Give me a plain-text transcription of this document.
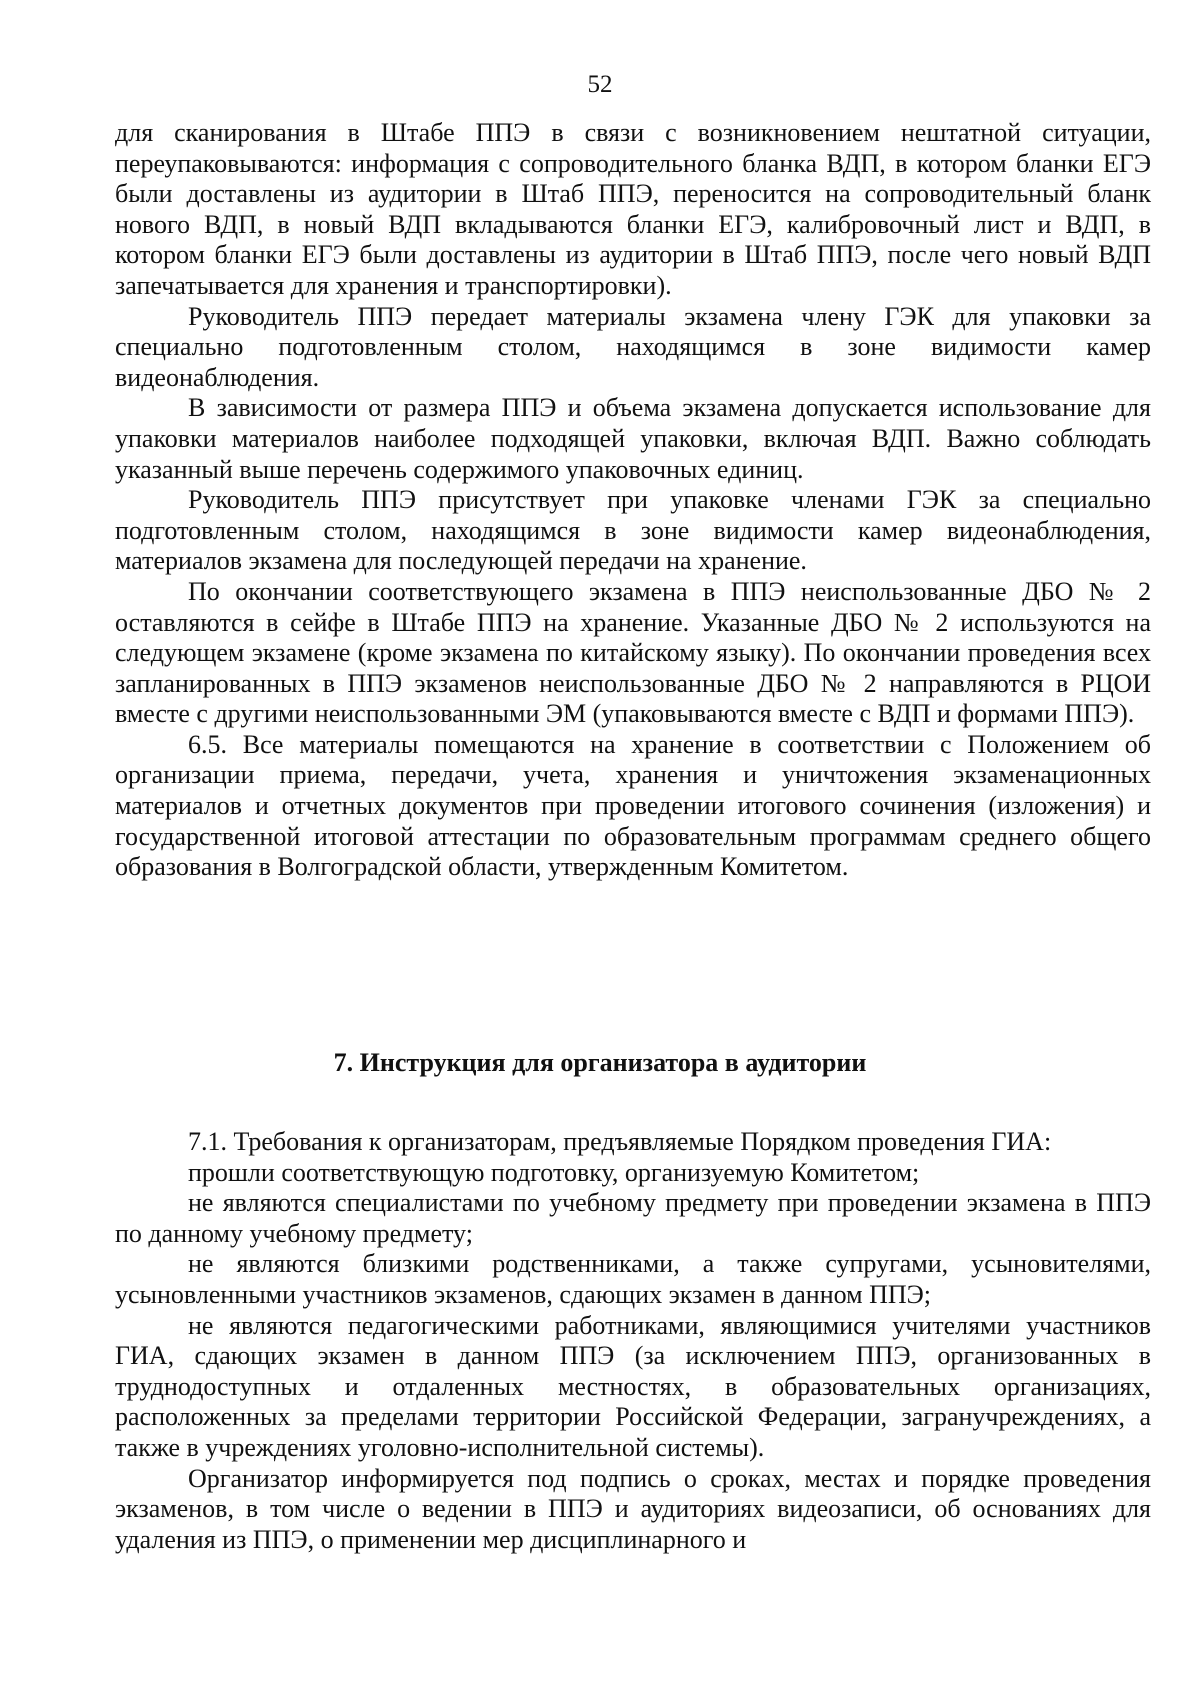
52

для сканирования в Штабе ППЭ в связи с возникновением нештатной ситуации, переупаковываются: информация с сопроводительного бланка ВДП, в котором бланки ЕГЭ были доставлены из аудитории в Штаб ППЭ, переносится на сопроводительный бланк нового ВДП, в новый ВДП вкладываются бланки ЕГЭ, калибровочный лист и ВДП, в котором бланки ЕГЭ были доставлены из аудитории в Штаб ППЭ, после чего новый ВДП запечатывается для хранения и транспортировки).

Руководитель ППЭ передает материалы экзамена члену ГЭК для упаковки за специально подготовленным столом, находящимся в зоне видимости камер видеонаблюдения.

В зависимости от размера ППЭ и объема экзамена допускается использование для упаковки материалов наиболее подходящей упаковки, включая ВДП. Важно соблюдать указанный выше перечень содержимого упаковочных единиц.

Руководитель ППЭ присутствует при упаковке членами ГЭК за специально подготовленным столом, находящимся в зоне видимости камер видеонаблюдения, материалов экзамена для последующей передачи на хранение.

По окончании соответствующего экзамена в ППЭ неиспользованные ДБО № 2 оставляются в сейфе в Штабе ППЭ на хранение. Указанные ДБО № 2 используются на следующем экзамене (кроме экзамена по китайскому языку). По окончании проведения всех запланированных в ППЭ экзаменов неиспользованные ДБО № 2 направляются в РЦОИ вместе с другими неиспользованными ЭМ (упаковываются вместе с ВДП и формами ППЭ).

6.5. Все материалы помещаются на хранение в соответствии с Положением об организации приема, передачи, учета, хранения и уничтожения экзаменационных материалов и отчетных документов при проведении итогового сочинения (изложения) и государственной итоговой аттестации по образовательным программам среднего общего образования в Волгоградской области, утвержденным Комитетом.

7. Инструкция для организатора в аудитории

7.1. Требования к организаторам, предъявляемые Порядком проведения ГИА:

прошли соответствующую подготовку, организуемую Комитетом;

не являются специалистами по учебному предмету при проведении экзамена в ППЭ по данному учебному предмету;

не являются близкими родственниками, а также супругами, усыновителями, усыновленными участников экзаменов, сдающих экзамен в данном ППЭ;

не являются педагогическими работниками, являющимися учителями участников ГИА, сдающих экзамен в данном ППЭ (за исключением ППЭ, организованных в труднодоступных и отдаленных местностях, в образовательных организациях, расположенных за пределами территории Российской Федерации, загранучреждениях, а также в учреждениях уголовно-исполнительной системы).

Организатор информируется под подпись о сроках, местах и порядке проведения экзаменов, в том числе о ведении в ППЭ и аудиториях видеозаписи, об основаниях для удаления из ППЭ, о применении мер дисциплинарного и
